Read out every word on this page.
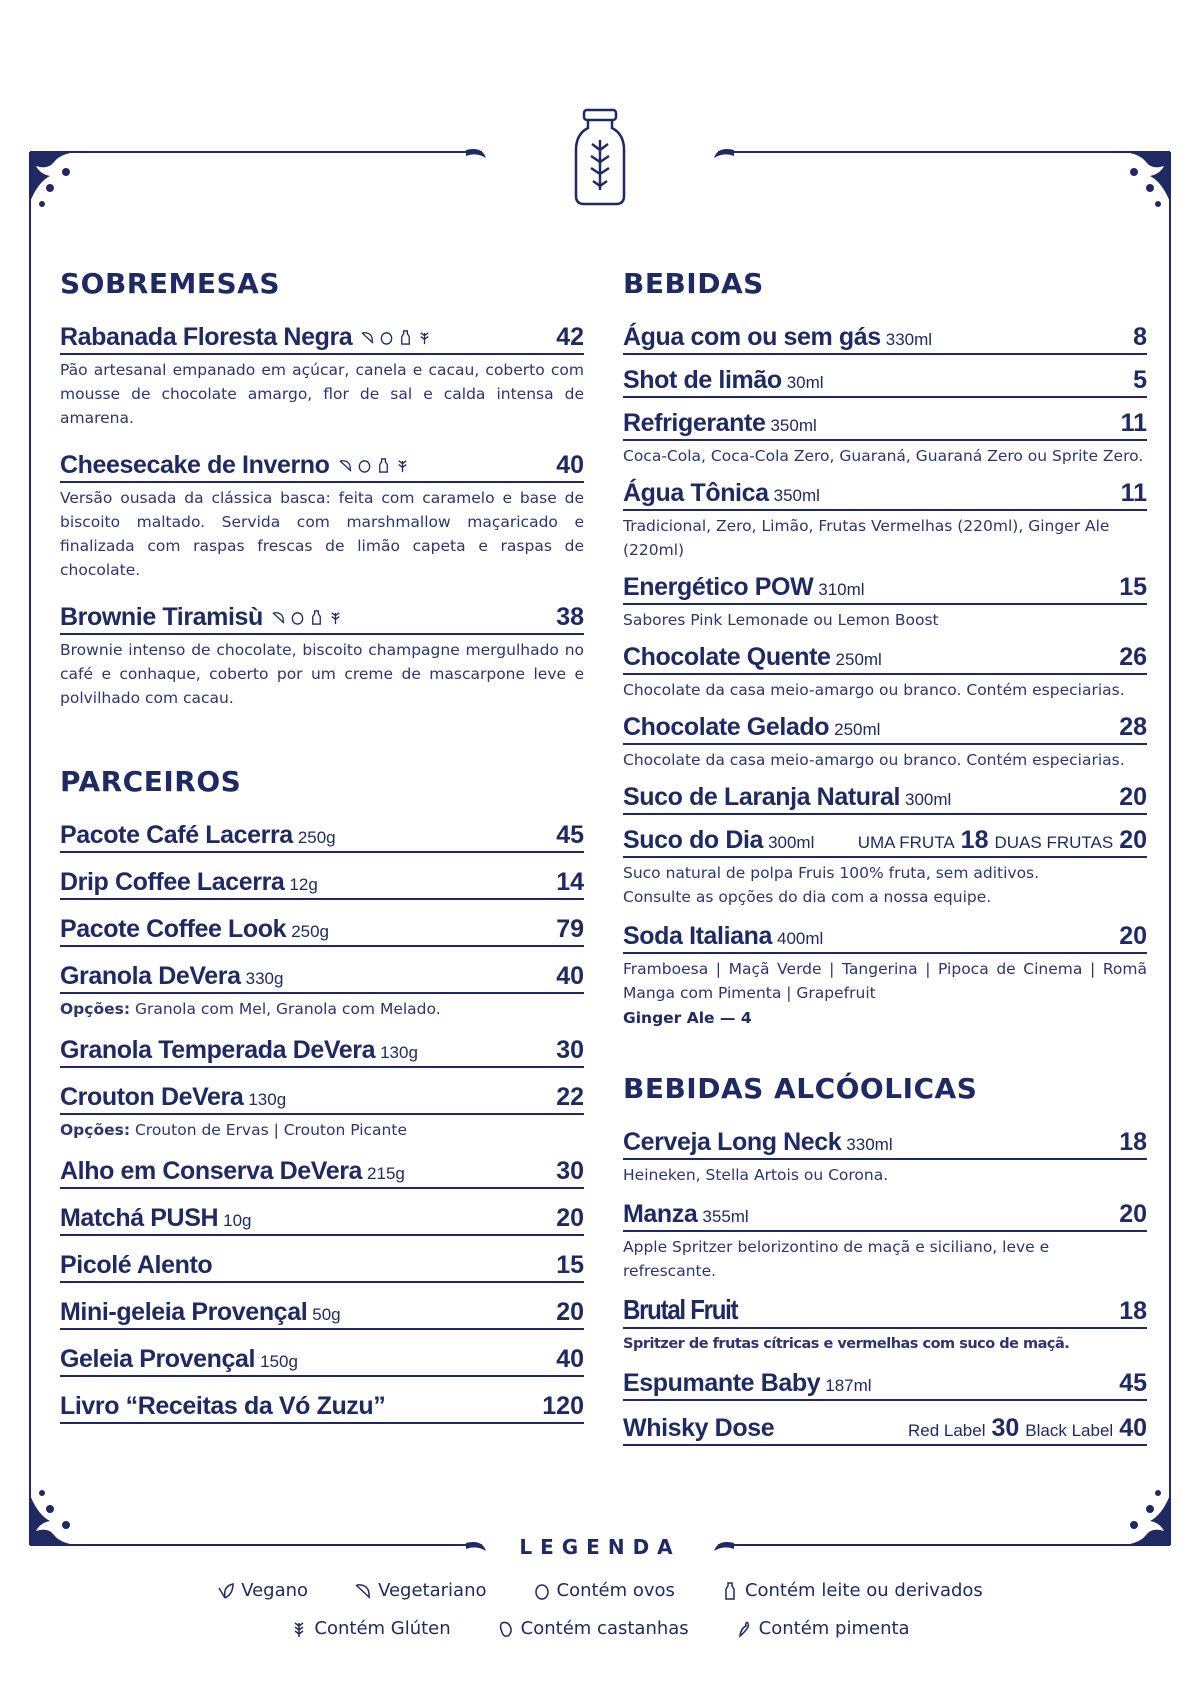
SOBREMESAS
Rabanada Floresta Negra	42
Pão artesanal empanado em açúcar, canela e cacau, coberto com mousse de chocolate amargo, flor de sal e calda intensa de amarena.
Cheesecake de Inverno	40
Versão ousada da clássica basca: feita com caramelo e base de biscoito maltado. Servida com marshmallow maçaricado e finalizada com raspas frescas de limão capeta e raspas de chocolate.
Brownie Tiramisù	38
Brownie intenso de chocolate, biscoito champagne mergulhado no café e conhaque, coberto por um creme de mascarpone leve e polvilhado com cacau.
PARCEIROS
Pacote Café Lacerra 250g	45
Drip Coffee Lacerra 12g	14
Pacote Coffee Look 250g	79
Granola DeVera 330g	40
Opções: Granola com Mel, Granola com Melado.
Granola Temperada DeVera 130g	30
Crouton DeVera 130g	22
Opções: Crouton de Ervas | Crouton Picante
Alho em Conserva DeVera 215g	30
Matchá PUSH 10g	20
Picolé Alento	15
Mini-geleia Provençal 50g	20
Geleia Provençal 150g	40
Livro “Receitas da Vó Zuzu”	120
BEBIDAS
Água com ou sem gás 330ml	8
Shot de limão 30ml	5
Refrigerante 350ml	11
Coca-Cola, Coca-Cola Zero, Guaraná, Guaraná Zero ou Sprite Zero.
Água Tônica 350ml	11
Tradicional, Zero, Limão, Frutas Vermelhas (220ml), Ginger Ale (220ml)
Energético POW 310ml	15
Sabores Pink Lemonade ou Lemon Boost
Chocolate Quente 250ml	26
Chocolate da casa meio-amargo ou branco. Contém especiarias.
Chocolate Gelado 250ml	28
Chocolate da casa meio-amargo ou branco. Contém especiarias.
Suco de Laranja Natural 300ml	20
Suco do Dia 300ml	UMA FRUTA 18 DUAS FRUTAS 20
Suco natural de polpa Fruis 100% fruta, sem aditivos.
Consulte as opções do dia com a nossa equipe.
Soda Italiana 400ml	20
Framboesa | Maçã Verde | Tangerina | Pipoca de Cinema | Romã Manga com Pimenta | Grapefruit
Ginger Ale — 4
BEBIDAS ALCÓOLICAS
Cerveja Long Neck 330ml	18
Heineken, Stella Artois ou Corona.
Manza 355ml	20
Apple Spritzer belorizontino de maçã e siciliano, leve e refrescante.
Brutal Fruit	18
Spritzer de frutas cítricas e vermelhas com suco de maçã.
Espumante Baby 187ml	45
Whisky Dose	Red Label 30 Black Label 40
LEGENDA
Vegano	Vegetariano	Contém ovos	Contém leite ou derivados
Contém Glúten	Contém castanhas	Contém pimenta
